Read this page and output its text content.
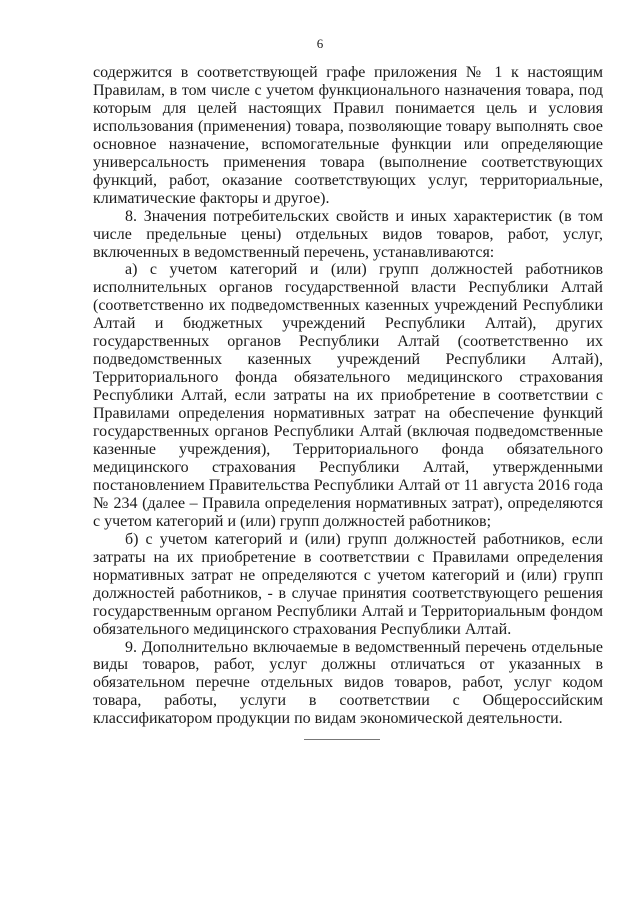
6

содержится в соответствующей графе приложения № 1 к настоящим Правилам, в том числе с учетом функционального назначения товара, под которым для целей настоящих Правил понимается цель и условия использования (применения) товара, позволяющие товару выполнять свое основное назначение, вспомогательные функции или определяющие универсальность применения товара (выполнение соответствующих функций, работ, оказание соответствующих услуг, территориальные, климатические факторы и другое).

8. Значения потребительских свойств и иных характеристик (в том числе предельные цены) отдельных видов товаров, работ, услуг, включенных в ведомственный перечень, устанавливаются:

а) с учетом категорий и (или) групп должностей работников исполнительных органов государственной власти Республики Алтай (соответственно их подведомственных казенных учреждений Республики Алтай и бюджетных учреждений Республики Алтай), других государственных органов Республики Алтай (соответственно их подведомственных казенных учреждений Республики Алтай), Территориального фонда обязательного медицинского страхования Республики Алтай, если затраты на их приобретение в соответствии с Правилами определения нормативных затрат на обеспечение функций государственных органов Республики Алтай (включая подведомственные казенные учреждения), Территориального фонда обязательного медицинского страхования Республики Алтай, утвержденными постановлением Правительства Республики Алтай от 11 августа 2016 года № 234 (далее – Правила определения нормативных затрат), определяются с учетом категорий и (или) групп должностей работников;

б) с учетом категорий и (или) групп должностей работников, если затраты на их приобретение в соответствии с Правилами определения нормативных затрат не определяются с учетом категорий и (или) групп должностей работников, - в случае принятия соответствующего решения государственным органом Республики Алтай и Территориальным фондом обязательного медицинского страхования Республики Алтай.

9. Дополнительно включаемые в ведомственный перечень отдельные виды товаров, работ, услуг должны отличаться от указанных в обязательном перечне отдельных видов товаров, работ, услуг кодом товара, работы, услуги в соответствии с Общероссийским классификатором продукции по видам экономической деятельности.
